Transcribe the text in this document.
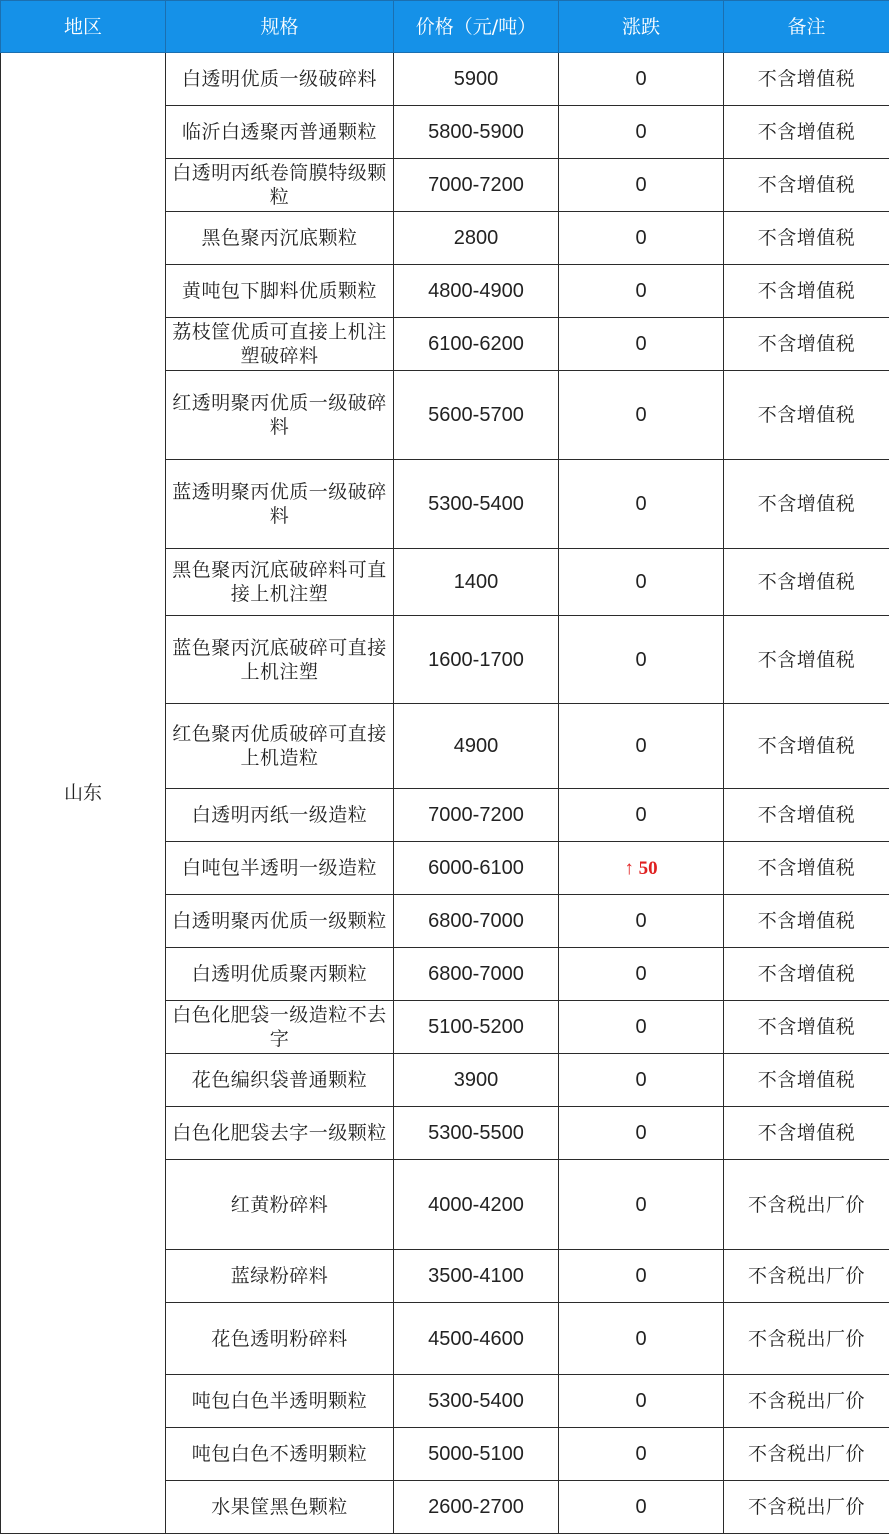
地区	规格	价格（元/吨）	涨跌	备注
山东	白透明优质一级破碎料	5900	0	不含增值税
	临沂白透聚丙普通颗粒	5800-5900	0	不含增值税
	白透明丙纸卷筒膜特级颗粒	7000-7200	0	不含增值税
	黑色聚丙沉底颗粒	2800	0	不含增值税
	黄吨包下脚料优质颗粒	4800-4900	0	不含增值税
	荔枝筐优质可直接上机注塑破碎料	6100-6200	0	不含增值税
	红透明聚丙优质一级破碎料	5600-5700	0	不含增值税
	蓝透明聚丙优质一级破碎料	5300-5400	0	不含增值税
	黑色聚丙沉底破碎料可直接上机注塑	1400	0	不含增值税
	蓝色聚丙沉底破碎可直接上机注塑	1600-1700	0	不含增值税
	红色聚丙优质破碎可直接上机造粒	4900	0	不含增值税
	白透明丙纸一级造粒	7000-7200	0	不含增值税
	白吨包半透明一级造粒	6000-6100	↑ 50	不含增值税
	白透明聚丙优质一级颗粒	6800-7000	0	不含增值税
	白透明优质聚丙颗粒	6800-7000	0	不含增值税
	白色化肥袋一级造粒不去字	5100-5200	0	不含增值税
	花色编织袋普通颗粒	3900	0	不含增值税
	白色化肥袋去字一级颗粒	5300-5500	0	不含增值税
	红黄粉碎料	4000-4200	0	不含税出厂价
	蓝绿粉碎料	3500-4100	0	不含税出厂价
	花色透明粉碎料	4500-4600	0	不含税出厂价
	吨包白色半透明颗粒	5300-5400	0	不含税出厂价
	吨包白色不透明颗粒	5000-5100	0	不含税出厂价
	水果筐黑色颗粒	2600-2700	0	不含税出厂价
